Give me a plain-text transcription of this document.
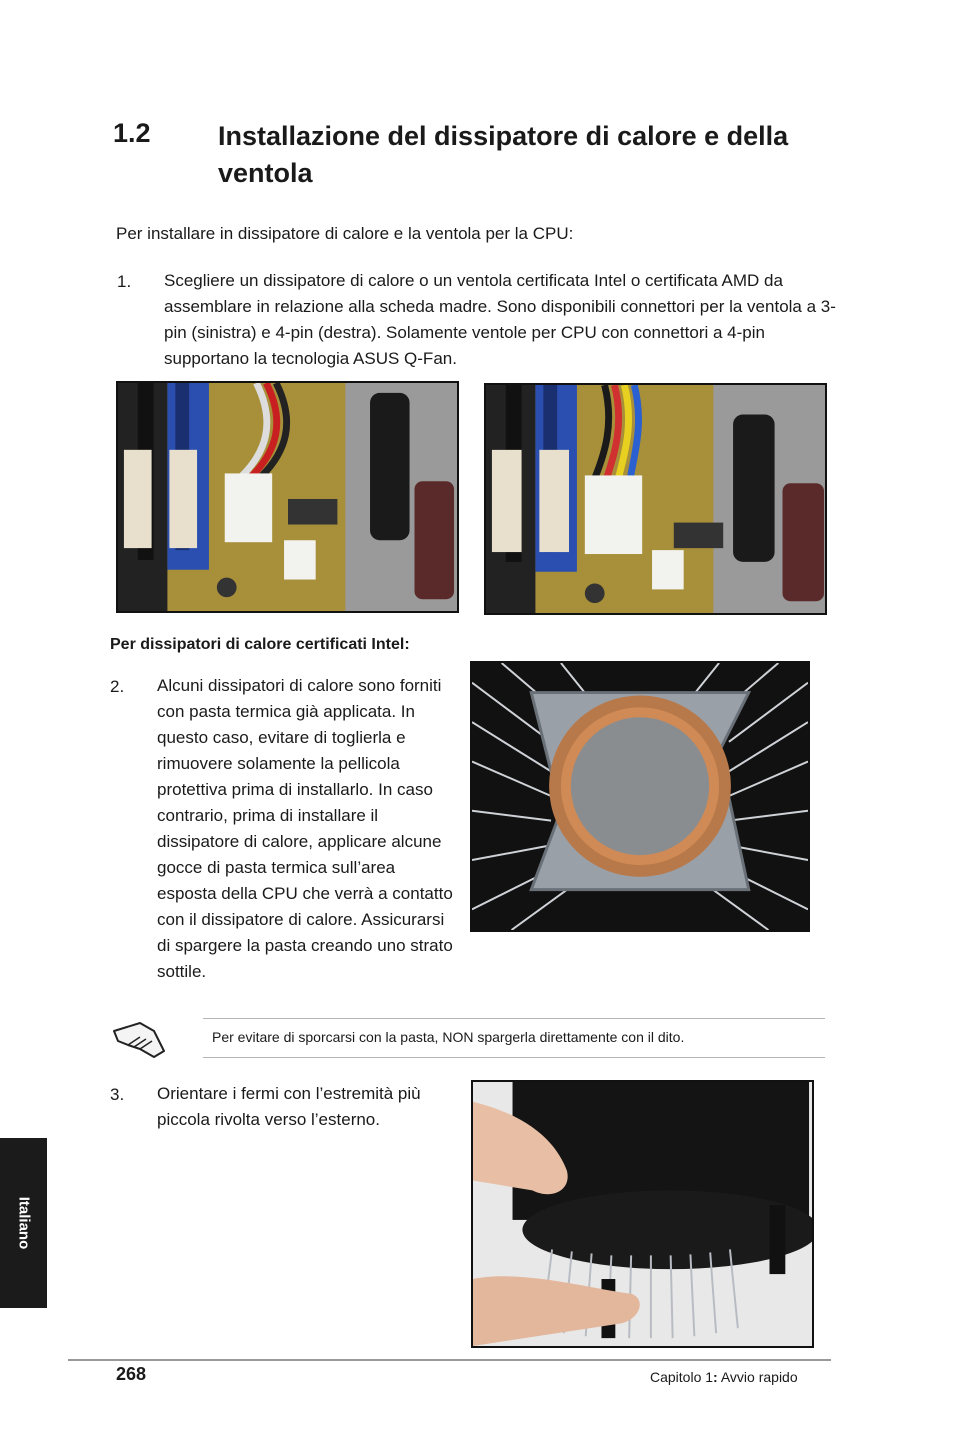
1.2 Installazione del dissipatore di calore e della ventola
Per installare in dissipatore di calore e la ventola per la CPU:
1. Scegliere un dissipatore di calore o un ventola certificata Intel o certificata AMD da assemblare in relazione alla scheda madre. Sono disponibili connettori per la ventola a 3-pin (sinistra) e 4-pin (destra). Solamente ventole per CPU con connettori a 4-pin supportano la tecnologia ASUS Q-Fan.
Per dissipatori di calore certificati Intel:
2. Alcuni dissipatori di calore sono forniti con pasta termica già applicata. In questo caso, evitare di toglierla e rimuovere solamente la pellicola protettiva prima di installarlo. In caso contrario, prima di installare il dissipatore di calore, applicare alcune gocce di pasta termica sull’area esposta della CPU che verrà a contatto con il dissipatore di calore. Assicurarsi di spargere la pasta creando uno strato sottile.
Per evitare di sporcarsi con la pasta, NON spargerla direttamente con il dito.
3. Orientare i fermi con l’estremità più piccola rivolta verso l’esterno.
Italiano
268	Capitolo 1: Avvio rapido
